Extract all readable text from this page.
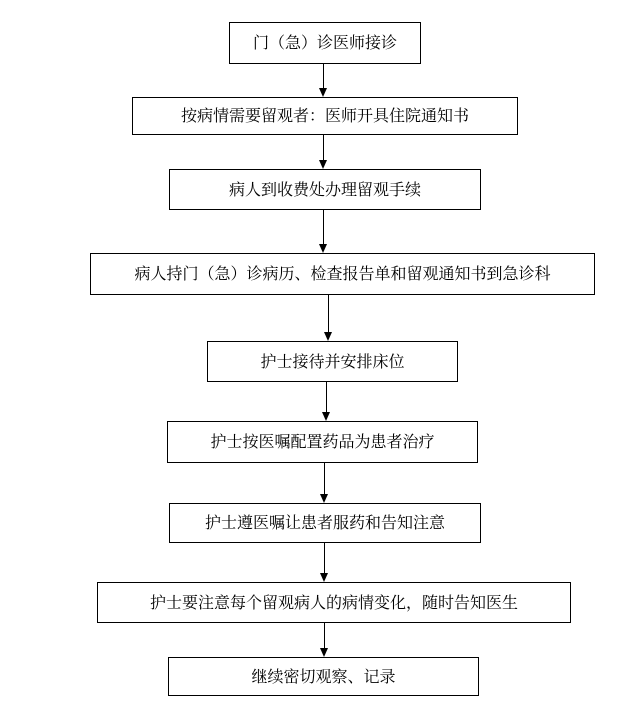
门（急）诊医师接诊
按病情需要留观者：医师开具住院通知书
病人到收费处办理留观手续
病人持门（急）诊病历、检查报告单和留观通知书到急诊科
护士接待并安排床位
护士按医嘱配置药品为患者治疗
护士遵医嘱让患者服药和告知注意
护士要注意每个留观病人的病情变化，随时告知医生
继续密切观察、记录
